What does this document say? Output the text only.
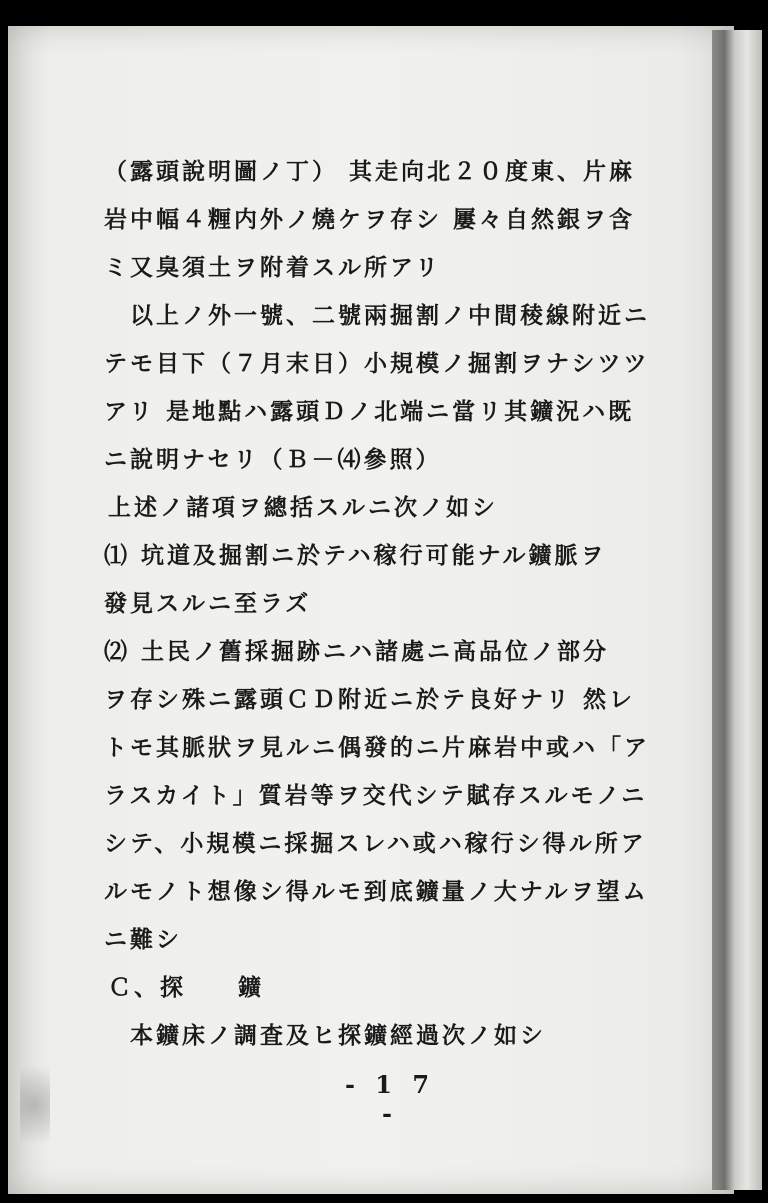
（露頭說明圖ノ丁） 其走向北２０度東、片麻
岩中幅４糎内外ノ燒ケヲ存シ 屢々自然銀ヲ含
ミ又臭須土ヲ附着スル所アリ
以上ノ外一號、二號兩掘割ノ中間稜線附近ニ
テモ目下（７月末日）小規模ノ掘割ヲナシツツ
アリ 是地點ハ露頭Ｄノ北端ニ當リ其鑛況ハ既
ニ說明ナセリ（Ｂ－⑷參照）
上述ノ諸項ヲ總括スルニ次ノ如シ
⑴ 坑道及掘割ニ於テハ稼行可能ナル鑛脈ヲ
發見スルニ至ラズ
⑵ 土民ノ舊採掘跡ニハ諸處ニ高品位ノ部分
ヲ存シ殊ニ露頭ＣＤ附近ニ於テ良好ナリ 然レ
トモ其脈狀ヲ見ルニ偶發的ニ片麻岩中或ハ「ア
ラスカイト」質岩等ヲ交代シテ賦存スルモノニ
シテ、小規模ニ採掘スレハ或ハ稼行シ得ル所ア
ルモノト想像シ得ルモ到底鑛量ノ大ナルヲ望ム
ニ難シ
Ｃ、探　　鑛
本鑛床ノ調査及ヒ探鑛經過次ノ如シ
- 1 7 -
